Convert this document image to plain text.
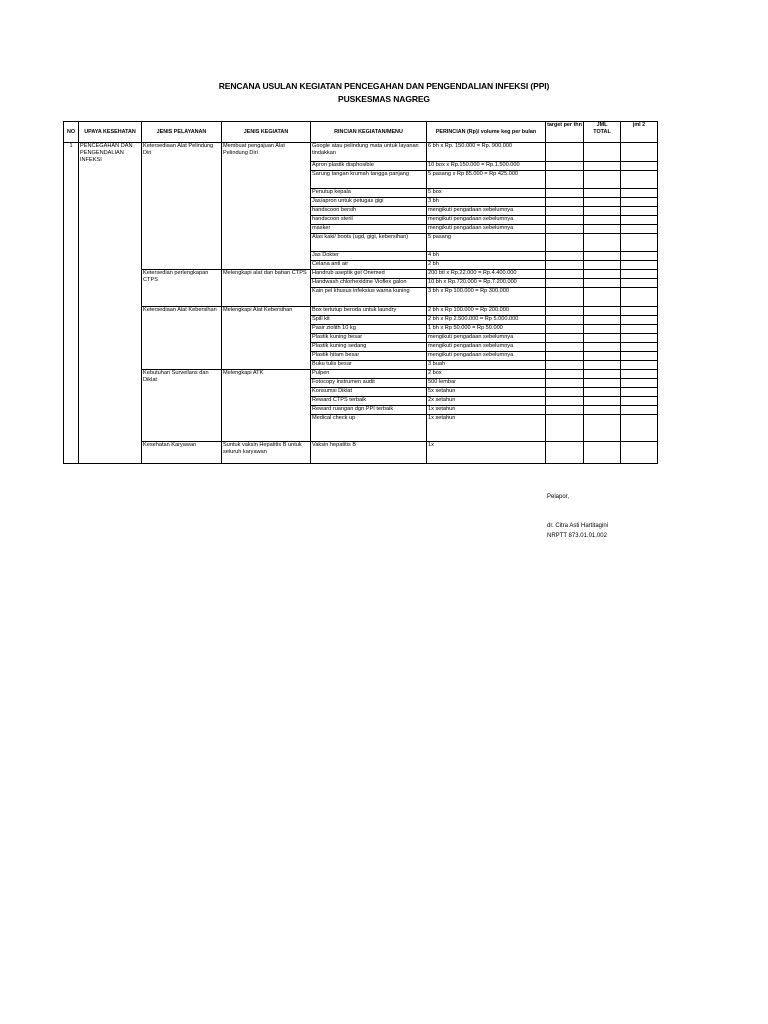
RENCANA USULAN KEGIATAN PENCEGAHAN DAN PENGENDALIAN INFEKSI (PPI)
PUSKESMAS NAGREG
NO	UPAYA KESEHATAN	JENIS PELAYANAN	JENIS KEGIATAN	RINCIAN KEGIATAN/MENU	PERINCIAN (Rp)/ volume keg per bulan	target per thn	JML
TOTAL	jml 2	
1	PENCEGAHAN DAN PENGENDALIAN INFEKSI	Ketersediaan Alat Pelindung Diri	Membuat pengajuan Alat Pelindung Diri	Google atau pelindung mata untuk layanan tindakkan	6 bh x Rp. 150.000 = Rp. 900.000				
				Apron plastik disphosible	10 box x Rp.150.000 = Rp.1.500.000				
				Sarung tangan krumah tangga panjang	5 pasang x Rp 85.000 = Rp 425.000				
				Penutup kepala	5 box				
				Jas/apron untuk petugas gigi	3 bh				
				handscoon bersih	mengikuti pengadaan sebelumnya				
				handscoon steril	mengikuti pengadaan sebelumnya				
				masker	mengikuti pengadaan sebelumnya				
				Alas kaki/ boots (ugd, gigi, kebersihan)	5 pasang				
				Jas Dokter	4 bh				
				Celana anti air	2 bh				
		Ketersedian perlengkapan CTPS	Melengkapi alat dan bahan CTPS	Handrub aseptik gel Onemed	200 btl x Rp.22.000 = Rp.4.400.000				
				Handwash chlorhexidine Vioflex galon	10 bh x Rp.720.000 = Rp.7.200.000				
				Kain pel khusus infeksius warna kuning	3 bh x Rp 100.000 = Rp 300.000				
		Ketersediaan Alat Kebersihan	Melengkapi Alat Kebersihan	Box tertutup beroda untuk laundry	2 bh x Rp 100.000 = Rp 200.000				
				Spill kit	2 bh x Rp 2.500.000 = Rp 5.000.000				
				Pasir ziolith 10 kg	1 bh x Rp 50.000 = Rp 50.000				
				Plastik kuning besar	mengikuti pengadaan sebelumnya				
				Plastik kuning sedang	mengikuti pengadaan sebelumnya				
				Plastik hitam besar	mengikuti pengadaan sebelumnya				
				Buku tulis besar	3 buah				
		Kebutuhan Surveilans dan Diklat	Melengkapi ATK	Pulpen	2 box				
				Fotocopy instrumen audit	500 lembar				
				Konsumsi Diklat	5x setahun				
				Reward CTPS terbaik	2x setahun				
				Reward ruangan dgn PPI terbaik	1x setahun				
				Medical check up	1x setahun				
		Kesehatan Karyawan	Suntuk vaksin Hepatitis B untuk seluruh karyawan	Vaksin hepatitis B	1x				
Pelapor,
dr. Citra Asti Hartitagini
NRPTT 873.01.01.002
